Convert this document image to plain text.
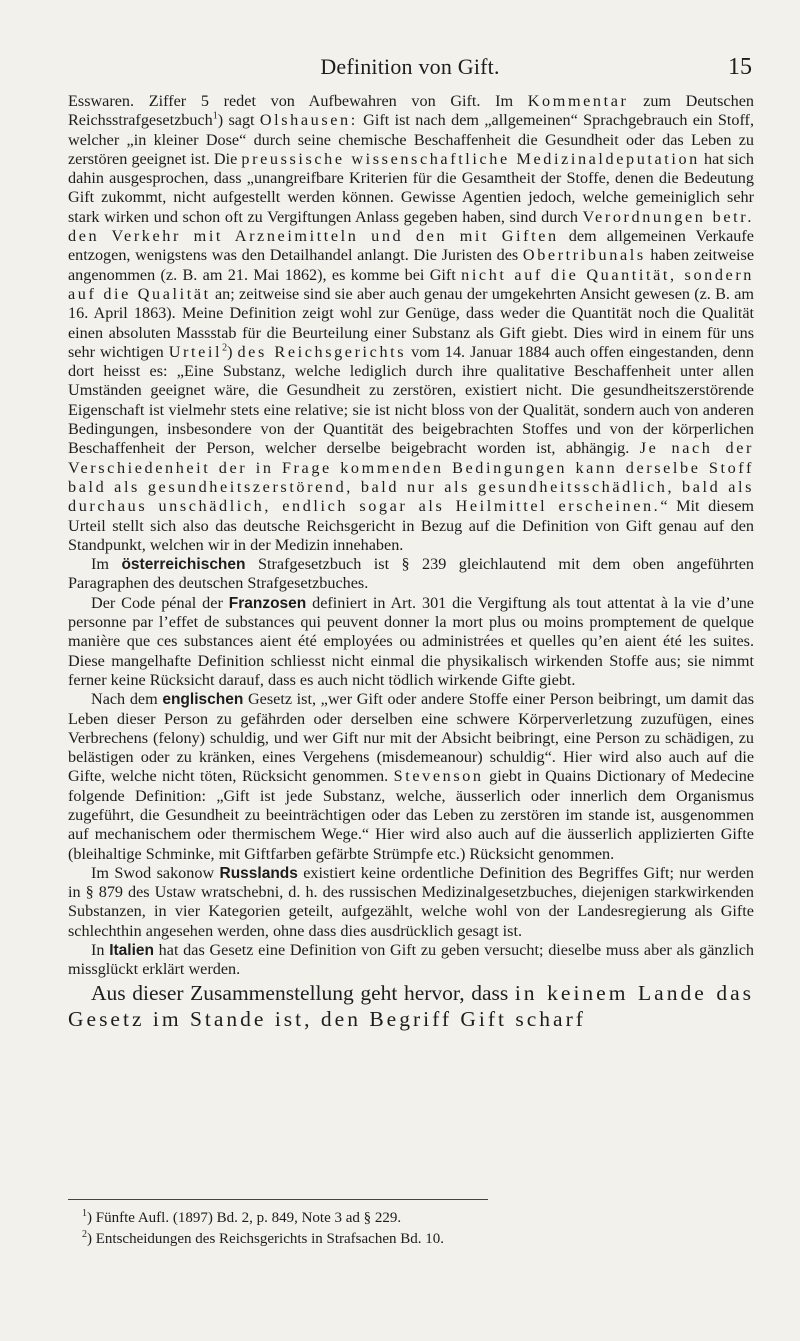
Definition von Gift.	15

Esswaren. Ziffer 5 redet von Aufbewahren von Gift. Im Kommentar zum Deutschen Reichsstrafgesetzbuch$^1$) sagt Olshausen: Gift ist nach dem „allgemeinen“ Sprachgebrauch ein Stoff, welcher „in kleiner Dose“ durch seine chemische Beschaffenheit die Gesundheit oder das Leben zu zerstören geeignet ist. Die preussische wissenschaftliche Medizinaldeputation hat sich dahin ausgesprochen, dass „unangreifbare Kriterien für die Gesamtheit der Stoffe, denen die Bedeutung Gift zukommt, nicht aufgestellt werden können. Gewisse Agentien jedoch, welche gemeiniglich sehr stark wirken und schon oft zu Vergiftungen Anlass gegeben haben, sind durch Verordnungen betr. den Verkehr mit Arzneimitteln und den mit Giften dem allgemeinen Verkaufe entzogen, wenigstens was den Detailhandel anlangt. Die Juristen des Obertribunals haben zeitweise angenommen (z. B. am 21. Mai 1862), es komme bei Gift nicht auf die Quantität, sondern auf die Qualität an; zeitweise sind sie aber auch genau der umgekehrten Ansicht gewesen (z. B. am 16. April 1863). Meine Definition zeigt wohl zur Genüge, dass weder die Quantität noch die Qualität einen absoluten Massstab für die Beurteilung einer Substanz als Gift giebt. Dies wird in einem für uns sehr wichtigen Urteil$^2$) des Reichsgerichts vom 14. Januar 1884 auch offen eingestanden, denn dort heisst es: „Eine Substanz, welche lediglich durch ihre qualitative Beschaffenheit unter allen Umständen geeignet wäre, die Gesundheit zu zerstören, existiert nicht. Die gesundheitszerstörende Eigenschaft ist vielmehr stets eine relative; sie ist nicht bloss von der Qualität, sondern auch von anderen Bedingungen, insbesondere von der Quantität des beigebrachten Stoffes und von der körperlichen Beschaffenheit der Person, welcher derselbe beigebracht worden ist, abhängig. Je nach der Verschiedenheit der in Frage kommenden Bedingungen kann derselbe Stoff bald als gesundheitszerstörend, bald nur als gesundheitsschädlich, bald als durchaus unschädlich, endlich sogar als Heilmittel erscheinen.“ Mit diesem Urteil stellt sich also das deutsche Reichsgericht in Bezug auf die Definition von Gift genau auf den Standpunkt, welchen wir in der Medizin innehaben.

Im österreichischen Strafgesetzbuch ist § 239 gleichlautend mit dem oben angeführten Paragraphen des deutschen Strafgesetzbuches.

Der Code pénal der Franzosen definiert in Art. 301 die Vergiftung als tout attentat à la vie d’une personne par l’effet de substances qui peuvent donner la mort plus ou moins promptement de quelque manière que ces substances aient été employées ou administrées et quelles qu’en aient été les suites. Diese mangelhafte Definition schliesst nicht einmal die physikalisch wirkenden Stoffe aus; sie nimmt ferner keine Rücksicht darauf, dass es auch nicht tödlich wirkende Gifte giebt.

Nach dem englischen Gesetz ist, „wer Gift oder andere Stoffe einer Person beibringt, um damit das Leben dieser Person zu gefährden oder derselben eine schwere Körperverletzung zuzufügen, eines Verbrechens (felony) schuldig, und wer Gift nur mit der Absicht beibringt, eine Person zu schädigen, zu belästigen oder zu kränken, eines Vergehens (misdemeanour) schuldig“. Hier wird also auch auf die Gifte, welche nicht töten, Rücksicht genommen. Stevenson giebt in Quains Dictionary of Medecine folgende Definition: „Gift ist jede Substanz, welche, äusserlich oder innerlich dem Organismus zugeführt, die Gesundheit zu beeinträchtigen oder das Leben zu zerstören im stande ist, ausgenommen auf mechanischem oder thermischem Wege.“ Hier wird also auch auf die äusserlich applizierten Gifte (bleihaltige Schminke, mit Giftfarben gefärbte Strümpfe etc.) Rücksicht genommen.

Im Swod sakonow Russlands existiert keine ordentliche Definition des Begriffes Gift; nur werden in § 879 des Ustaw wratschebni, d. h. des russischen Medizinalgesetzbuches, diejenigen starkwirkenden Substanzen, in vier Kategorien geteilt, aufgezählt, welche wohl von der Landesregierung als Gifte schlechthin angesehen werden, ohne dass dies ausdrücklich gesagt ist.

In Italien hat das Gesetz eine Definition von Gift zu geben versucht; dieselbe muss aber als gänzlich missglückt erklärt werden.

Aus dieser Zusammenstellung geht hervor, dass in keinem Lande das Gesetz im Stande ist, den Begriff Gift scharf

$^1$) Fünfte Aufl. (1897) Bd. 2, p. 849, Note 3 ad § 229.
$^2$) Entscheidungen des Reichsgerichts in Strafsachen Bd. 10.
